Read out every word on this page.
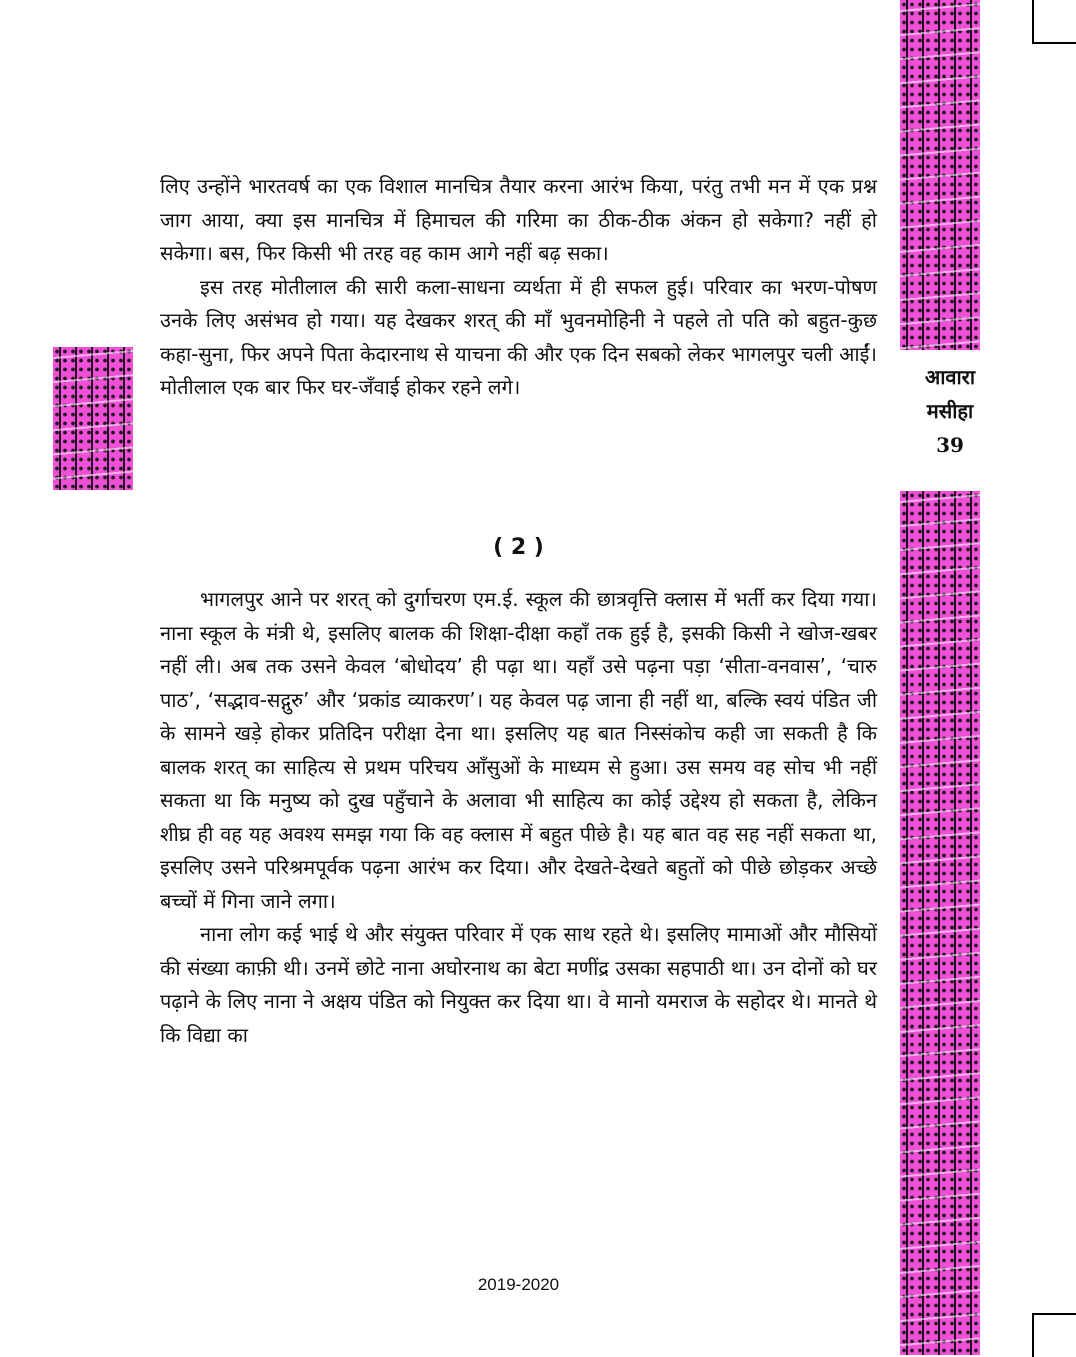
आवारा
मसीहा
39

लिए उन्होंने भारतवर्ष का एक विशाल मानचित्र तैयार करना आरंभ किया, परंतु तभी मन में एक प्रश्न जाग आया, क्या इस मानचित्र में हिमाचल की गरिमा का ठीक-ठीक अंकन हो सकेगा? नहीं हो सकेगा। बस, फिर किसी भी तरह वह काम आगे नहीं बढ़ सका।

इस तरह मोतीलाल की सारी कला-साधना व्यर्थता में ही सफल हुई। परिवार का भरण-पोषण उनके लिए असंभव हो गया। यह देखकर शरत् की माँ भुवनमोहिनी ने पहले तो पति को बहुत-कुछ कहा-सुना, फिर अपने पिता केदारनाथ से याचना की और एक दिन सबको लेकर भागलपुर चली आईं। मोतीलाल एक बार फिर घर-जँवाई होकर रहने लगे।

( 2 )

भागलपुर आने पर शरत् को दुर्गाचरण एम.ई. स्कूल की छात्रवृत्ति क्लास में भर्ती कर दिया गया। नाना स्कूल के मंत्री थे, इसलिए बालक की शिक्षा-दीक्षा कहाँ तक हुई है, इसकी किसी ने खोज-खबर नहीं ली। अब तक उसने केवल ‘बोधोदय’ ही पढ़ा था। यहाँ उसे पढ़ना पड़ा ‘सीता-वनवास’, ‘चारु पाठ’, ‘सद्भाव-सद्गुरु’ और ‘प्रकांड व्याकरण’। यह केवल पढ़ जाना ही नहीं था, बल्कि स्वयं पंडित जी के सामने खड़े होकर प्रतिदिन परीक्षा देना था। इसलिए यह बात निस्संकोच कही जा सकती है कि बालक शरत् का साहित्य से प्रथम परिचय आँसुओं के माध्यम से हुआ। उस समय वह सोच भी नहीं सकता था कि मनुष्य को दुख पहुँचाने के अलावा भी साहित्य का कोई उद्देश्य हो सकता है, लेकिन शीघ्र ही वह यह अवश्य समझ गया कि वह क्लास में बहुत पीछे है। यह बात वह सह नहीं सकता था, इसलिए उसने परिश्रमपूर्वक पढ़ना आरंभ कर दिया। और देखते-देखते बहुतों को पीछे छोड़कर अच्छे बच्चों में गिना जाने लगा।

नाना लोग कई भाई थे और संयुक्त परिवार में एक साथ रहते थे। इसलिए मामाओं और मौसियों की संख्या काफ़ी थी। उनमें छोटे नाना अघोरनाथ का बेटा मणींद्र उसका सहपाठी था। उन दोनों को घर पढ़ाने के लिए नाना ने अक्षय पंडित को नियुक्त कर दिया था। वे मानो यमराज के सहोदर थे। मानते थे कि विद्या का

2019-2020
